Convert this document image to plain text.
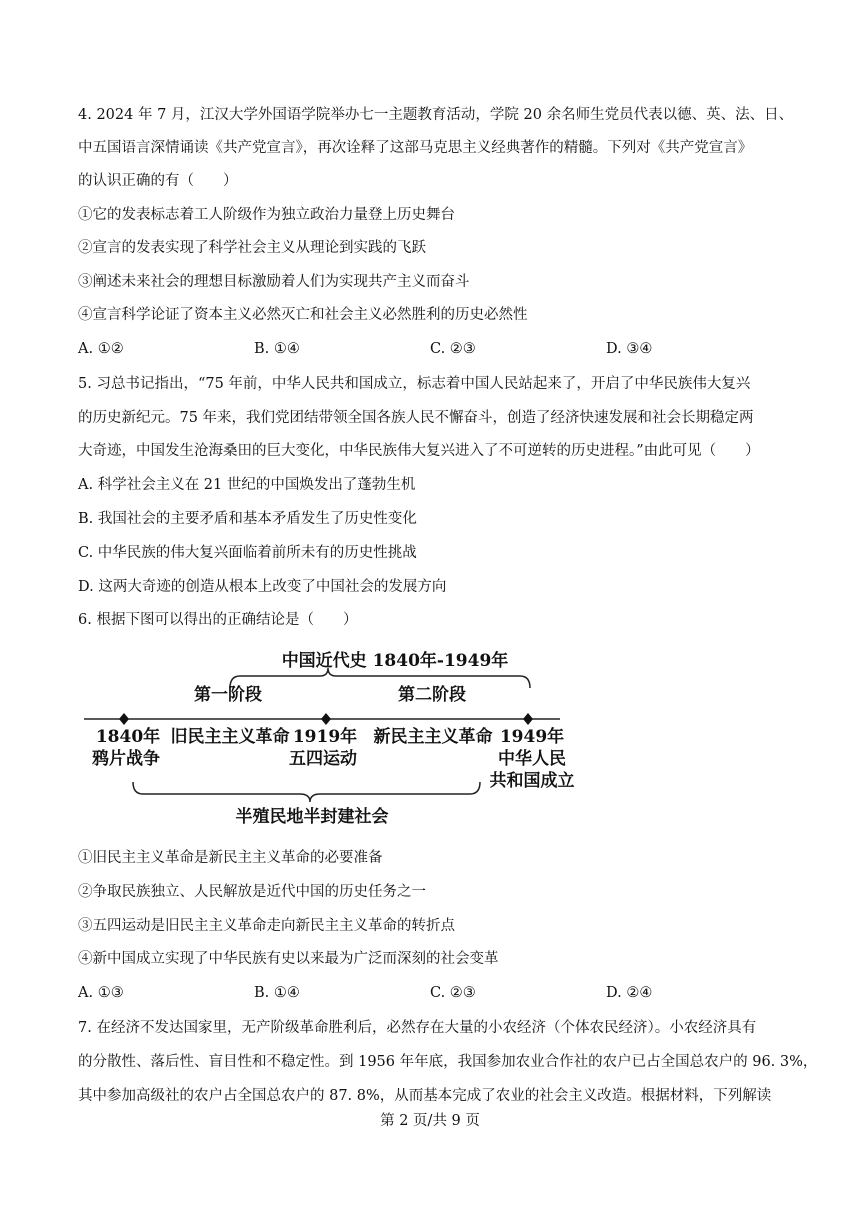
4. 2024 年 7 月，江汉大学外国语学院举办七一主题教育活动，学院 20 余名师生党员代表以德、英、法、日、
中五国语言深情诵读《共产党宣言》，再次诠释了这部马克思主义经典著作的精髓。下列对《共产党宣言》
的认识正确的有（　　）
①它的发表标志着工人阶级作为独立政治力量登上历史舞台
②宣言的发表实现了科学社会主义从理论到实践的飞跃
③阐述未来社会的理想目标激励着人们为实现共产主义而奋斗
④宣言科学论证了资本主义必然灭亡和社会主义必然胜利的历史必然性
A. ①②	B. ①④	C. ②③	D. ③④
5. 习总书记指出，“75 年前，中华人民共和国成立，标志着中国人民站起来了，开启了中华民族伟大复兴
的历史新纪元。75 年来，我们党团结带领全国各族人民不懈奋斗，创造了经济快速发展和社会长期稳定两
大奇迹，中国发生沧海桑田的巨大变化，中华民族伟大复兴进入了不可逆转的历史进程。”由此可见（　　）
A. 科学社会主义在 21 世纪的中国焕发出了蓬勃生机
B. 我国社会的主要矛盾和基本矛盾发生了历史性变化
C. 中华民族的伟大复兴面临着前所未有的历史性挑战
D. 这两大奇迹的创造从根本上改变了中国社会的发展方向
6. 根据下图可以得出的正确结论是（　　）
中国近代史 1840年-1949年
第一阶段	第二阶段
1840年
鸦片战争
旧民主主义革命 1919年
五四运动
新民主主义革命 1949年
中华人民
共和国成立
半殖民地半封建社会
①旧民主主义革命是新民主主义革命的必要准备
②争取民族独立、人民解放是近代中国的历史任务之一
③五四运动是旧民主主义革命走向新民主主义革命的转折点
④新中国成立实现了中华民族有史以来最为广泛而深刻的社会变革
A. ①③	B. ①④	C. ②③	D. ②④
7. 在经济不发达国家里，无产阶级革命胜利后，必然存在大量的小农经济（个体农民经济）。小农经济具有
的分散性、落后性、盲目性和不稳定性。到 1956 年年底，我国参加农业合作社的农户已占全国总农户的 96. 3%，
其中参加高级社的农户占全国总农户的 87. 8%，从而基本完成了农业的社会主义改造。根据材料，下列解读
第 2 页/共 9 页
